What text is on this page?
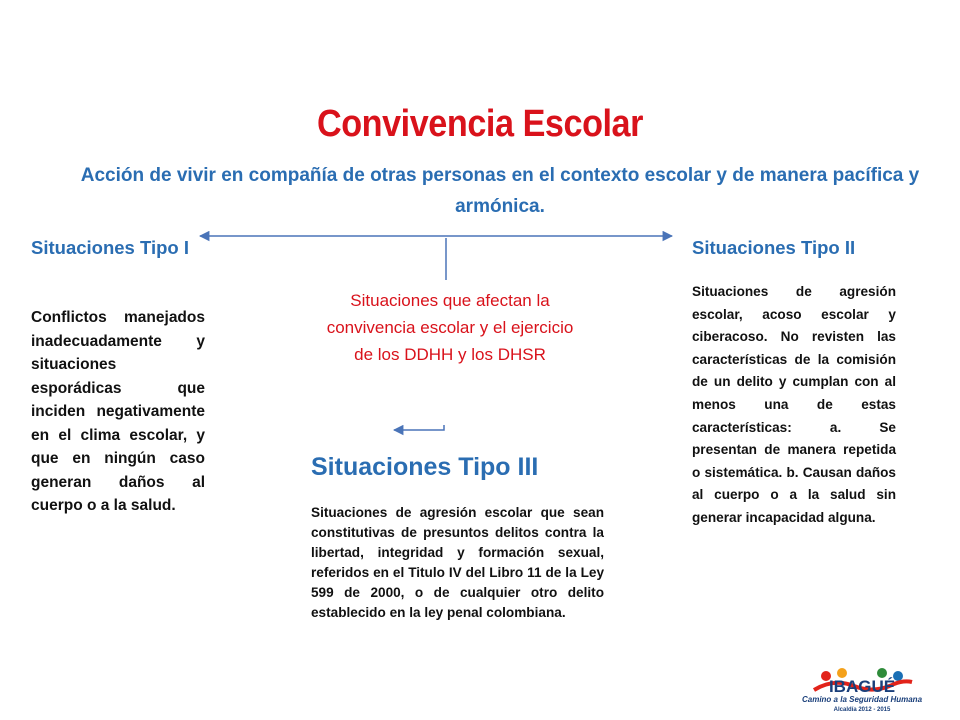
Convivencia Escolar
Acción de vivir en compañía de otras personas en el contexto escolar y de manera pacífica y armónica.
Situaciones Tipo I
Conflictos manejados inadecuadamente y situaciones esporádicas que inciden negativamente en el clima escolar, y que en ningún caso generan daños al cuerpo o a la salud.
Situaciones que afectan la convivencia escolar y el ejercicio de los DDHH y los DHSR
Situaciones Tipo II
Situaciones de agresión escolar, acoso escolar y ciberacoso. No revisten las características de la comisión de un delito y cumplan con al menos una de estas características: a. Se presentan de manera repetida o sistemática. b. Causan daños al cuerpo o a la salud sin generar incapacidad alguna.
Situaciones Tipo III
Situaciones de agresión escolar que sean constitutivas de presuntos delitos contra la libertad, integridad y formación sexual, referidos en el Titulo IV del Libro 11 de la Ley 599 de 2000, o de cualquier otro delito establecido en la ley penal colombiana.
IBAGUÉ
Camino a la Seguridad Humana
Alcaldía 2012 - 2015
